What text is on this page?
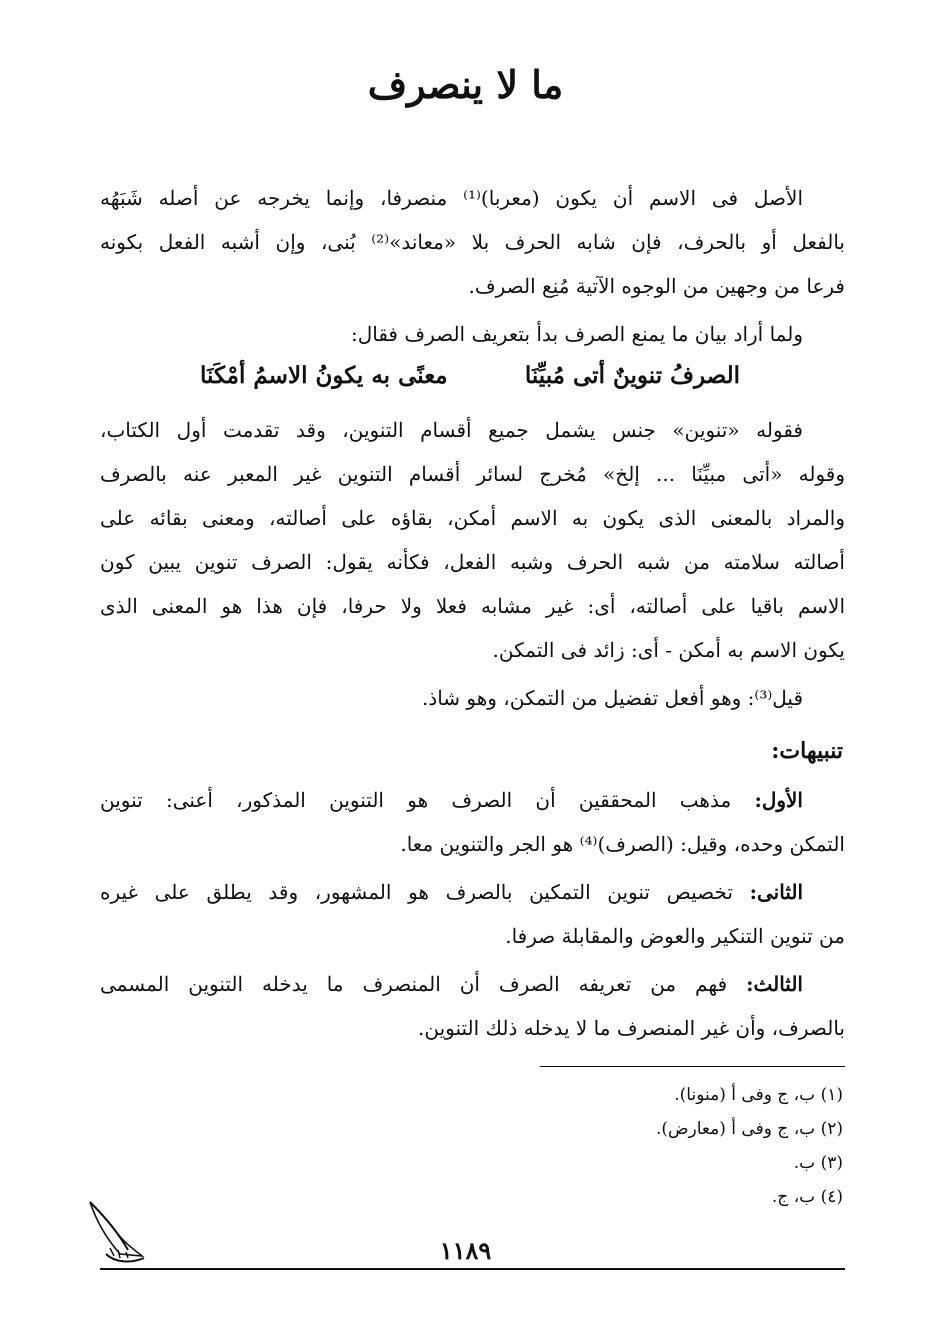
ما لا ينصرف
الأصل فى الاسم أن يكون (معربا)⁽¹⁾ منصرفا، وإنما يخرجه عن أصله شَبَهُه
بالفعل أو بالحرف، فإن شابه الحرف بلا «معاند»⁽²⁾ بُنى، وإن أشبه الفعل بكونه
فرعا من وجهين من الوجوه الآتية مُنِع الصرف.
ولما أراد بيان ما يمنع الصرف بدأ بتعريف الصرف فقال:
الصرفُ تنوينٌ أتى مُبيِّنَا
معنًى به يكونُ الاسمُ أمْكَنَا
فقوله «تنوين» جنس يشمل جميع أقسام التنوين، وقد تقدمت أول الكتاب،
وقوله «أتى مبيِّنَا ... إلخ» مُخرج لسائر أقسام التنوين غير المعبر عنه بالصرف
والمراد بالمعنى الذى يكون به الاسم أمكن، بقاؤه على أصالته، ومعنى بقائه على
أصالته سلامته من شبه الحرف وشبه الفعل، فكأنه يقول: الصرف تنوين يبين كون
الاسم باقيا على أصالته، أى: غير مشابه فعلا ولا حرفا، فإن هذا هو المعنى الذى
يكون الاسم به أمكن - أى: زائد فى التمكن.
قيل⁽³⁾: وهو أفعل تفضيل من التمكن، وهو شاذ.
تنبيهات:
الأول: مذهب المحققين أن الصرف هو التنوين المذكور، أعنى: تنوين
التمكن وحده، وقيل: (الصرف)⁽⁴⁾ هو الجر والتنوين معا.
الثانى: تخصيص تنوين التمكين بالصرف هو المشهور، وقد يطلق على غيره
من تنوين التنكير والعوض والمقابلة صرفا.
الثالث: فهم من تعريفه الصرف أن المنصرف ما يدخله التنوين المسمى
بالصرف، وأن غير المنصرف ما لا يدخله ذلك التنوين.
(١) ب، ج وفى أ (منونا).
(٢) ب، ج وفى أ (معارض).
(٣) ب.
(٤) ب، ج.
١١٨٩
